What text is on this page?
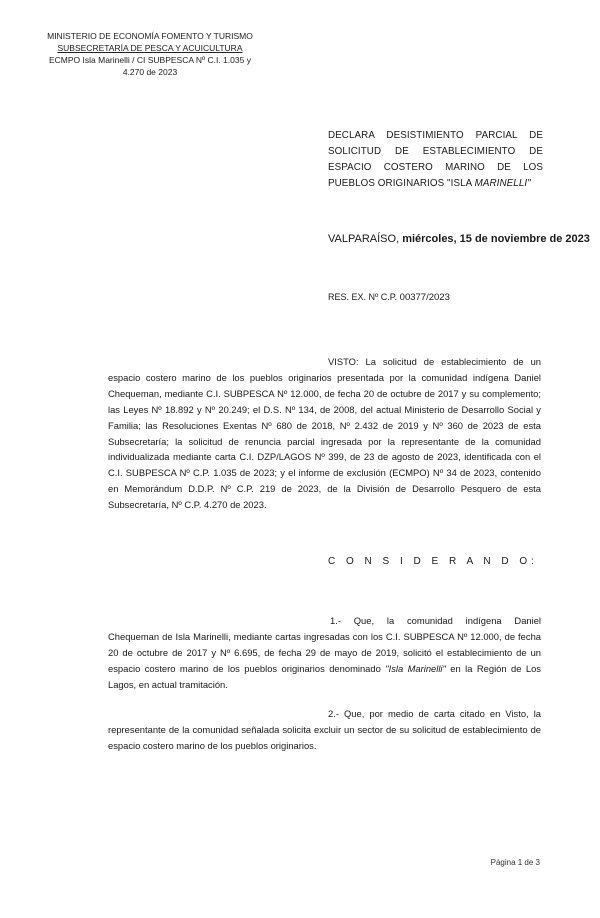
MINISTERIO DE ECONOMÍA FOMENTO Y TURISMO
SUBSECRETARÍA DE PESCA Y ACUICULTURA
ECMPO Isla Marinelli / CI SUBPESCA Nº C.I. 1.035 y
4.270 de 2023
DECLARA DESISTIMIENTO PARCIAL DE SOLICITUD DE ESTABLECIMIENTO DE ESPACIO COSTERO MARINO DE LOS PUEBLOS ORIGINARIOS "ISLA MARINELLI"
VALPARAÍSO, miércoles, 15 de noviembre de 2023
RES. EX. Nº C.P. 00377/2023
VISTO: La solicitud de establecimiento de un espacio costero marino de los pueblos originarios presentada por la comunidad indígena Daniel Chequeman, mediante C.I. SUBPESCA Nº 12.000, de fecha 20 de octubre de 2017 y su complemento; las Leyes Nº 18.892 y Nº 20.249; el D.S. Nº 134, de 2008, del actual Ministerio de Desarrollo Social y Familia; las Resoluciones Exentas Nº 680 de 2018, Nº 2.432 de 2019 y Nº 360 de 2023 de esta Subsecretaría; la solicitud de renuncia parcial ingresada por la representante de la comunidad individualizada mediante carta C.I. DZP/LAGOS Nº 399, de 23 de agosto de 2023, identificada con el C.I. SUBPESCA Nº C.P. 1.035 de 2023; y el informe de exclusión (ECMPO) Nº 34 de 2023, contenido en Memorándum D.D.P. Nº C.P. 219 de 2023, de la División de Desarrollo Pesquero de esta Subsecretaría, Nº C.P. 4.270 de 2023.
C O N S I D E R A N D O:
1.- Que, la comunidad indígena Daniel Chequeman de Isla Marinelli, mediante cartas ingresadas con los C.I. SUBPESCA Nº 12.000, de fecha 20 de octubre de 2017 y Nº 6.695, de fecha 29 de mayo de 2019, solicitó el establecimiento de un espacio costero marino de los pueblos originarios denominado "Isla Marinelli" en la Región de Los Lagos, en actual tramitación.
2.- Que, por medio de carta citado en Visto, la representante de la comunidad señalada solicita excluir un sector de su solicitud de establecimiento de espacio costero marino de los pueblos originarios.
Página 1 de 3
